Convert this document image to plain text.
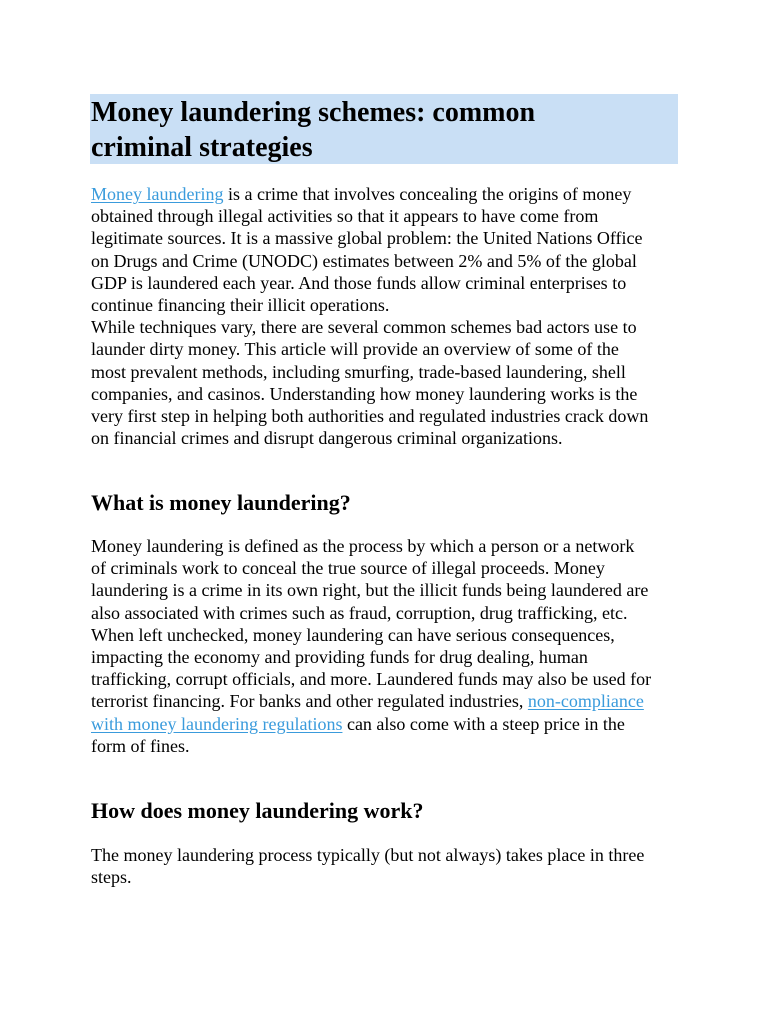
Money laundering schemes: common
criminal strategies
Money laundering is a crime that involves concealing the origins of money
obtained through illegal activities so that it appears to have come from
legitimate sources. It is a massive global problem: the United Nations Office
on Drugs and Crime (UNODC) estimates between 2% and 5% of the global
GDP is laundered each year. And those funds allow criminal enterprises to
continue financing their illicit operations.
While techniques vary, there are several common schemes bad actors use to
launder dirty money. This article will provide an overview of some of the
most prevalent methods, including smurfing, trade-based laundering, shell
companies, and casinos. Understanding how money laundering works is the
very first step in helping both authorities and regulated industries crack down
on financial crimes and disrupt dangerous criminal organizations.
What is money laundering?
Money laundering is defined as the process by which a person or a network
of criminals work to conceal the true source of illegal proceeds. Money
laundering is a crime in its own right, but the illicit funds being laundered are
also associated with crimes such as fraud, corruption, drug trafficking, etc.
When left unchecked, money laundering can have serious consequences,
impacting the economy and providing funds for drug dealing, human
trafficking, corrupt officials, and more. Laundered funds may also be used for
terrorist financing. For banks and other regulated industries, non-compliance
with money laundering regulations can also come with a steep price in the
form of fines.
How does money laundering work?
The money laundering process typically (but not always) takes place in three
steps.
